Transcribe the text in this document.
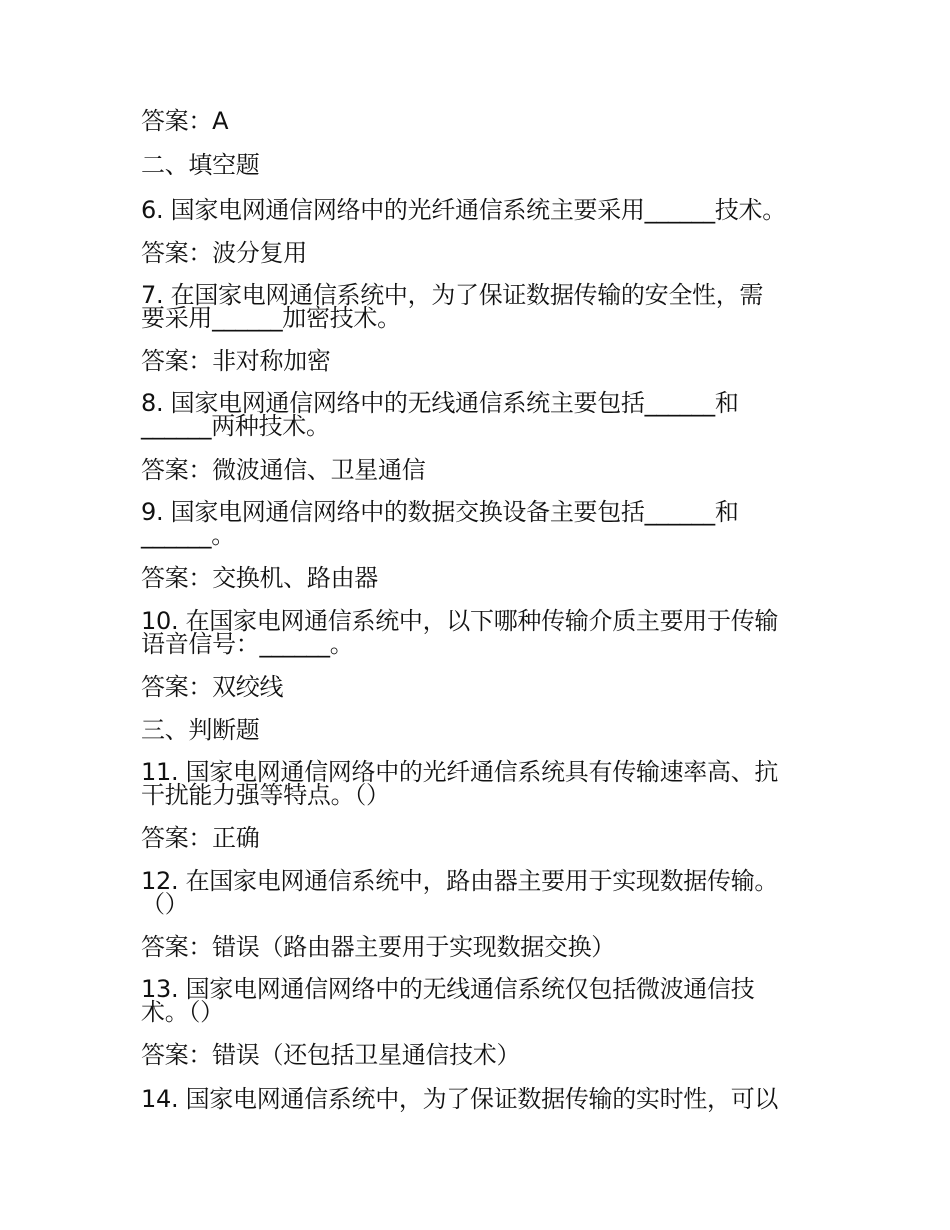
答案：A

二、填空题

6. 国家电网通信网络中的光纤通信系统主要采用______技术。

答案：波分复用

7. 在国家电网通信系统中，为了保证数据传输的安全性，需

要采用______加密技术。

答案：非对称加密

8. 国家电网通信网络中的无线通信系统主要包括______和

______两种技术。

答案：微波通信、卫星通信

9. 国家电网通信网络中的数据交换设备主要包括______和

______。

答案：交换机、路由器

10. 在国家电网通信系统中，以下哪种传输介质主要用于传输

语音信号：______。

答案：双绞线

三、判断题

11. 国家电网通信网络中的光纤通信系统具有传输速率高、抗

干扰能力强等特点。（）

答案：正确

12. 在国家电网通信系统中，路由器主要用于实现数据传输。

（）

答案：错误（路由器主要用于实现数据交换）

13. 国家电网通信网络中的无线通信系统仅包括微波通信技

术。（）

答案：错误（还包括卫星通信技术）

14. 国家电网通信系统中，为了保证数据传输的实时性，可以
